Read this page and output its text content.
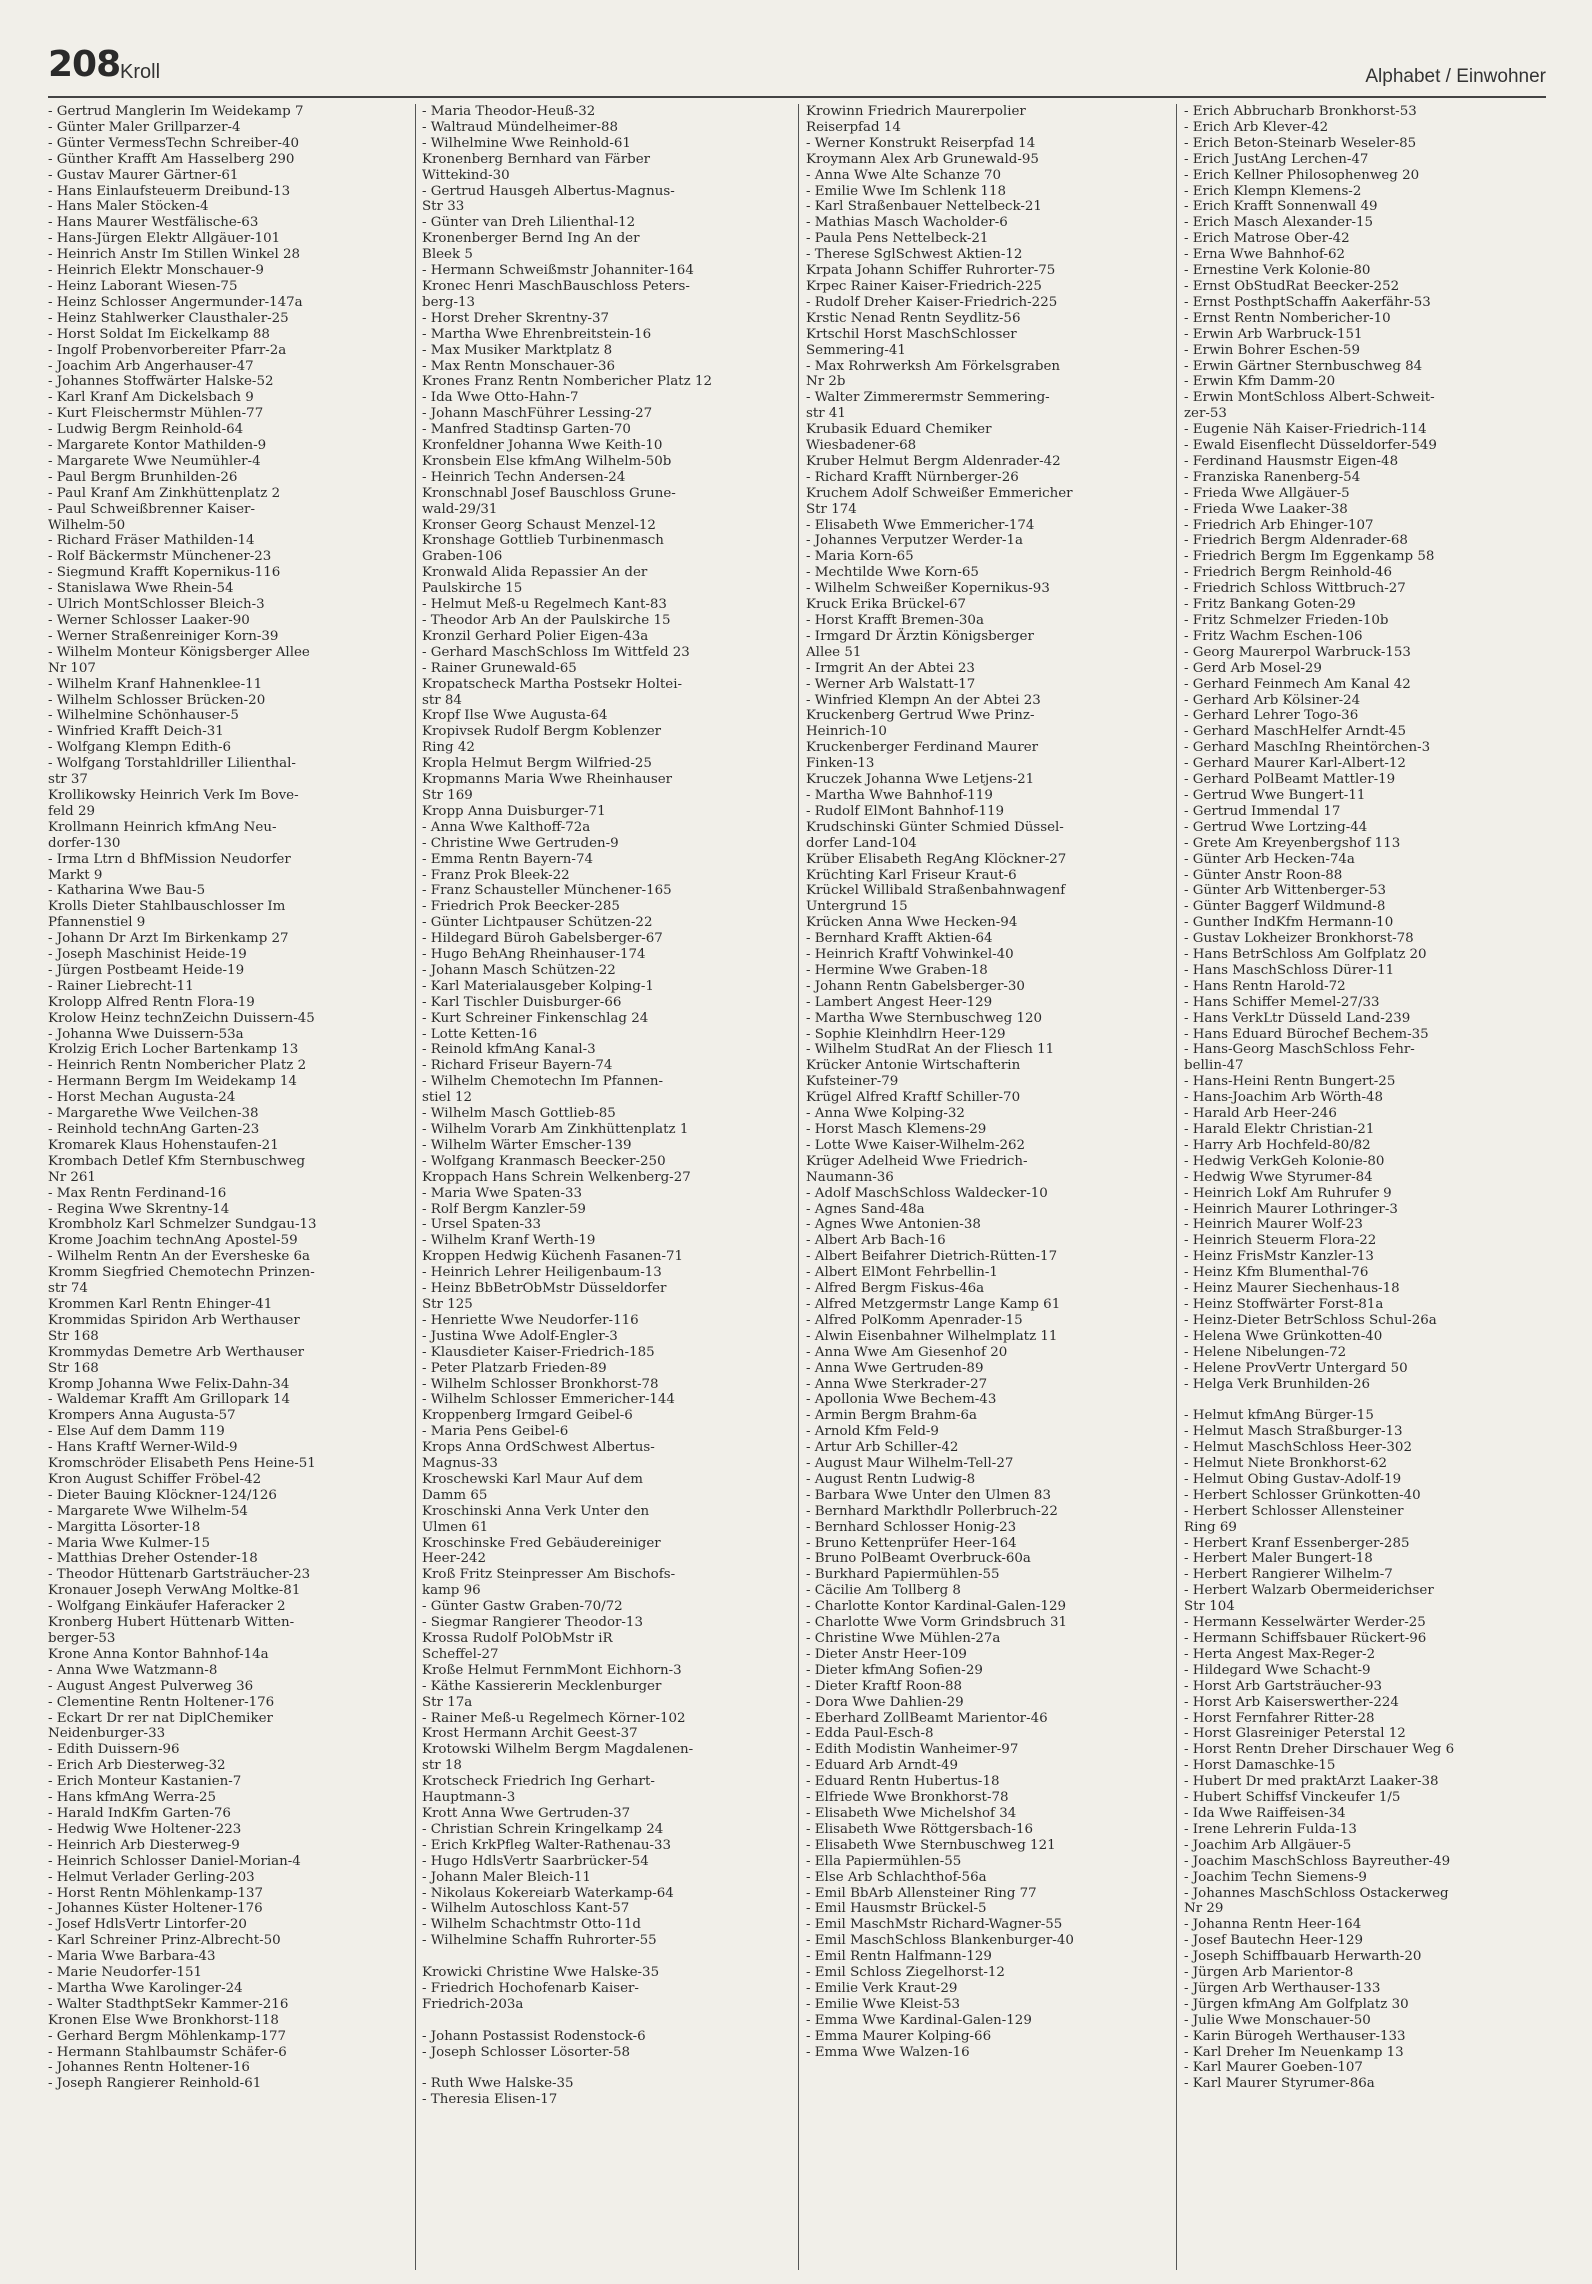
208 Kroll	Alphabet / Einwohner
- Gertrud Manglerin Im Weidekamp 7
- Günter Maler Grillparzer-4
- Günter VermessTechn Schreiber-40
- Günther Krafft Am Hasselberg 290
- Gustav Maurer Gärtner-61
- Hans Einlaufsteuerm Dreibund-13
- Hans Maler Stöcken-4
- Hans Maurer Westfälische-63
- Hans-Jürgen Elektr Allgäuer-101
- Heinrich Anstr Im Stillen Winkel 28
- Heinrich Elektr Monschauer-9
- Heinz Laborant Wiesen-75
- Heinz Schlosser Angermunder-147a
- Heinz Stahlwerker Clausthaler-25
- Horst Soldat Im Eickelkamp 88
- Ingolf Probenvorbereiter Pfarr-2a
- Joachim Arb Angerhauser-47
- Johannes Stoffwärter Halske-52
- Karl Kranf Am Dickelsbach 9
- Kurt Fleischermstr Mühlen-77
- Ludwig Bergm Reinhold-64
- Margarete Kontor Mathilden-9
- Margarete Wwe Neumühler-4
- Paul Bergm Brunhilden-26
- Paul Kranf Am Zinkhüttenplatz 2
- Paul Schweißbrenner Kaiser-
Wilhelm-50
- Richard Fräser Mathilden-14
- Rolf Bäckermstr Münchener-23
- Siegmund Krafft Kopernikus-116
- Stanislawa Wwe Rhein-54
- Ulrich MontSchlosser Bleich-3
- Werner Schlosser Laaker-90
- Werner Straßenreiniger Korn-39
- Wilhelm Monteur Königsberger Allee
Nr 107
- Wilhelm Kranf Hahnenklee-11
- Wilhelm Schlosser Brücken-20
- Wilhelmine Schönhauser-5
- Winfried Krafft Deich-31
- Wolfgang Klempn Edith-6
- Wolfgang Torstahldriller Lilienthal-
str 37
Krollikowsky Heinrich Verk Im Bove-
feld 29
Krollmann Heinrich kfmAng Neu-
dorfer-130
- Irma Ltrn d BhfMission Neudorfer
Markt 9
- Katharina Wwe Bau-5
Krolls Dieter Stahlbauschlosser Im
Pfannenstiel 9
- Johann Dr Arzt Im Birkenkamp 27
- Joseph Maschinist Heide-19
- Jürgen Postbeamt Heide-19
- Rainer Liebrecht-11
Krolopp Alfred Rentn Flora-19
Krolow Heinz technZeichn Duissern-45
- Johanna Wwe Duissern-53a
Krolzig Erich Locher Bartenkamp 13
- Heinrich Rentn Nombericher Platz 2
- Hermann Bergm Im Weidekamp 14
- Horst Mechan Augusta-24
- Margarethe Wwe Veilchen-38
- Reinhold technAng Garten-23
Kromarek Klaus Hohenstaufen-21
Krombach Detlef Kfm Sternbuschweg
Nr 261
- Max Rentn Ferdinand-16
- Regina Wwe Skrentny-14
Krombholz Karl Schmelzer Sundgau-13
Krome Joachim technAng Apostel-59
- Wilhelm Rentn An der Eversheske 6a
Kromm Siegfried Chemotechn Prinzen-
str 74
Krommen Karl Rentn Ehinger-41
Krommidas Spiridon Arb Werthauser
Str 168
Krommydas Demetre Arb Werthauser
Str 168
Kromp Johanna Wwe Felix-Dahn-34
- Waldemar Krafft Am Grillopark 14
Krompers Anna Augusta-57
- Else Auf dem Damm 119
- Hans Kraftf Werner-Wild-9
Kromschröder Elisabeth Pens Heine-51
Kron August Schiffer Fröbel-42
- Dieter Bauing Klöckner-124/126
- Margarete Wwe Wilhelm-54
- Margitta Lösorter-18
- Maria Wwe Kulmer-15
- Matthias Dreher Ostender-18
- Theodor Hüttenarb Gartsträucher-23
Kronauer Joseph VerwAng Moltke-81
- Wolfgang Einkäufer Haferacker 2
Kronberg Hubert Hüttenarb Witten-
berger-53
Krone Anna Kontor Bahnhof-14a
- Anna Wwe Watzmann-8
- August Angest Pulverweg 36
- Clementine Rentn Holtener-176
- Eckart Dr rer nat DiplChemiker
Neidenburger-33
- Edith Duissern-96
- Erich Arb Diesterweg-32
- Erich Monteur Kastanien-7
- Hans kfmAng Werra-25
- Harald IndKfm Garten-76
- Hedwig Wwe Holtener-223
- Heinrich Arb Diesterweg-9
- Heinrich Schlosser Daniel-Morian-4
- Helmut Verlader Gerling-203
- Horst Rentn Möhlenkamp-137
- Johannes Küster Holtener-176
- Josef HdlsVertr Lintorfer-20
- Karl Schreiner Prinz-Albrecht-50
- Maria Wwe Barbara-43
- Marie Neudorfer-151
- Martha Wwe Karolinger-24
- Walter StadthptSekr Kammer-216
Kronen Else Wwe Bronkhorst-118
- Gerhard Bergm Möhlenkamp-177
- Hermann Stahlbaumstr Schäfer-6
- Johannes Rentn Holtener-16
- Joseph Rangierer Reinhold-61
- Maria Theodor-Heuß-32
- Waltraud Mündelheimer-88
- Wilhelmine Wwe Reinhold-61
Kronenberg Bernhard van Färber
Wittekind-30
- Gertrud Hausgeh Albertus-Magnus-
Str 33
- Günter van Dreh Lilienthal-12
Kronenberger Bernd Ing An der
Bleek 5
- Hermann Schweißmstr Johanniter-164
Kronec Henri MaschBauschloss Peters-
berg-13
- Horst Dreher Skrentny-37
- Martha Wwe Ehrenbreitstein-16
- Max Musiker Marktplatz 8
- Max Rentn Monschauer-36
Krones Franz Rentn Nombericher Platz 12
- Ida Wwe Otto-Hahn-7
- Johann MaschFührer Lessing-27
- Manfred Stadtinsp Garten-70
Kronfeldner Johanna Wwe Keith-10
Kronsbein Else kfmAng Wilhelm-50b
- Heinrich Techn Andersen-24
Kronschnabl Josef Bauschloss Grune-
wald-29/31
Kronser Georg Schaust Menzel-12
Kronshage Gottlieb Turbinenmasch
Graben-106
Kronwald Alida Repassier An der
Paulskirche 15
- Helmut Meß-u Regelmech Kant-83
- Theodor Arb An der Paulskirche 15
Kronzil Gerhard Polier Eigen-43a
- Gerhard MaschSchloss Im Wittfeld 23
- Rainer Grunewald-65
Kropatscheck Martha Postsekr Holtei-
str 84
Kropf Ilse Wwe Augusta-64
Kropivsek Rudolf Bergm Koblenzer
Ring 42
Kropla Helmut Bergm Wilfried-25
Kropmanns Maria Wwe Rheinhauser
Str 169
Kropp Anna Duisburger-71
- Anna Wwe Kalthoff-72a
- Christine Wwe Gertruden-9
- Emma Rentn Bayern-74
- Franz Prok Bleek-22
- Franz Schausteller Münchener-165
- Friedrich Prok Beecker-285
- Günter Lichtpauser Schützen-22
- Hildegard Büroh Gabelsberger-67
- Hugo BehAng Rheinhauser-174
- Johann Masch Schützen-22
- Karl Materialausgeber Kolping-1
- Karl Tischler Duisburger-66
- Kurt Schreiner Finkenschlag 24
- Lotte Ketten-16
- Reinold kfmAng Kanal-3
- Richard Friseur Bayern-74
- Wilhelm Chemotechn Im Pfannen-
stiel 12
- Wilhelm Masch Gottlieb-85
- Wilhelm Vorarb Am Zinkhüttenplatz 1
- Wilhelm Wärter Emscher-139
- Wolfgang Kranmasch Beecker-250
Kroppach Hans Schrein Welkenberg-27
- Maria Wwe Spaten-33
- Rolf Bergm Kanzler-59
- Ursel Spaten-33
- Wilhelm Kranf Werth-19
Kroppen Hedwig Küchenh Fasanen-71
- Heinrich Lehrer Heiligenbaum-13
- Heinz BbBetrObMstr Düsseldorfer
Str 125
- Henriette Wwe Neudorfer-116
- Justina Wwe Adolf-Engler-3
- Klausdieter Kaiser-Friedrich-185
- Peter Platzarb Frieden-89
- Wilhelm Schlosser Bronkhorst-78
- Wilhelm Schlosser Emmericher-144
Kroppenberg Irmgard Geibel-6
- Maria Pens Geibel-6
Krops Anna OrdSchwest Albertus-
Magnus-33
Kroschewski Karl Maur Auf dem
Damm 65
Kroschinski Anna Verk Unter den
Ulmen 61
Kroschinske Fred Gebäudereiniger
Heer-242
Kroß Fritz Steinpresser Am Bischofs-
kamp 96
- Günter Gastw Graben-70/72
- Siegmar Rangierer Theodor-13
Krossa Rudolf PolObMstr iR
Scheffel-27
Kroße Helmut FernmMont Eichhorn-3
- Käthe Kassiererin Mecklenburger
Str 17a
- Rainer Meß-u Regelmech Körner-102
Krost Hermann Archit Geest-37
Krotowski Wilhelm Bergm Magdalenen-
str 18
Krotscheck Friedrich Ing Gerhart-
Hauptmann-3
Krott Anna Wwe Gertruden-37
- Christian Schrein Kringelkamp 24
- Erich KrkPfleg Walter-Rathenau-33
- Hugo HdlsVertr Saarbrücker-54
- Johann Maler Bleich-11
- Nikolaus Kokereiarb Waterkamp-64
- Wilhelm Autoschloss Kant-57
- Wilhelm Schachtmstr Otto-11d
- Wilhelmine Schaffn Ruhrorter-55

Krowicki Christine Wwe Halske-35
- Friedrich Hochofenarb Kaiser-
Friedrich-203a

- Johann Postassist Rodenstock-6
- Joseph Schlosser Lösorter-58

- Ruth Wwe Halske-35
- Theresia Elisen-17
Krowinn Friedrich Maurerpolier
Reiserpfad 14
- Werner Konstrukt Reiserpfad 14
Kroymann Alex Arb Grunewald-95
- Anna Wwe Alte Schanze 70
- Emilie Wwe Im Schlenk 118
- Karl Straßenbauer Nettelbeck-21
- Mathias Masch Wacholder-6
- Paula Pens Nettelbeck-21
- Therese SglSchwest Aktien-12
Krpata Johann Schiffer Ruhrorter-75
Krpec Rainer Kaiser-Friedrich-225
- Rudolf Dreher Kaiser-Friedrich-225
Krstic Nenad Rentn Seydlitz-56
Krtschil Horst MaschSchlosser
Semmering-41
- Max Rohrwerksh Am Förkelsgraben
Nr 2b
- Walter Zimmerermstr Semmering-
str 41
Krubasik Eduard Chemiker
Wiesbadener-68
Kruber Helmut Bergm Aldenrader-42
- Richard Krafft Nürnberger-26
Kruchem Adolf Schweißer Emmericher
Str 174
- Elisabeth Wwe Emmericher-174
- Johannes Verputzer Werder-1a
- Maria Korn-65
- Mechtilde Wwe Korn-65
- Wilhelm Schweißer Kopernikus-93
Kruck Erika Brückel-67
- Horst Krafft Bremen-30a
- Irmgard Dr Ärztin Königsberger
Allee 51
- Irmgrit An der Abtei 23
- Werner Arb Walstatt-17
- Winfried Klempn An der Abtei 23
Kruckenberg Gertrud Wwe Prinz-
Heinrich-10
Kruckenberger Ferdinand Maurer
Finken-13
Kruczek Johanna Wwe Letjens-21
- Martha Wwe Bahnhof-119
- Rudolf ElMont Bahnhof-119
Krudschinski Günter Schmied Düssel-
dorfer Land-104
Krüber Elisabeth RegAng Klöckner-27
Krüchting Karl Friseur Kraut-6
Krückel Willibald Straßenbahnwagenf
Untergrund 15
Krücken Anna Wwe Hecken-94
- Bernhard Krafft Aktien-64
- Heinrich Kraftf Vohwinkel-40
- Hermine Wwe Graben-18
- Johann Rentn Gabelsberger-30
- Lambert Angest Heer-129
- Martha Wwe Sternbuschweg 120
- Sophie Kleinhdlrn Heer-129
- Wilhelm StudRat An der Fliesch 11
Krücker Antonie Wirtschafterin
Kufsteiner-79
Krügel Alfred Kraftf Schiller-70
- Anna Wwe Kolping-32
- Horst Masch Klemens-29
- Lotte Wwe Kaiser-Wilhelm-262
Krüger Adelheid Wwe Friedrich-
Naumann-36
- Adolf MaschSchloss Waldecker-10
- Agnes Sand-48a
- Agnes Wwe Antonien-38
- Albert Arb Bach-16
- Albert Beifahrer Dietrich-Rütten-17
- Albert ElMont Fehrbellin-1
- Alfred Bergm Fiskus-46a
- Alfred Metzgermstr Lange Kamp 61
- Alfred PolKomm Apenrader-15
- Alwin Eisenbahner Wilhelmplatz 11
- Anna Wwe Am Giesenhof 20
- Anna Wwe Gertruden-89
- Anna Wwe Sterkrader-27
- Apollonia Wwe Bechem-43
- Armin Bergm Brahm-6a
- Arnold Kfm Feld-9
- Artur Arb Schiller-42
- August Maur Wilhelm-Tell-27
- August Rentn Ludwig-8
- Barbara Wwe Unter den Ulmen 83
- Bernhard Markthdlr Pollerbruch-22
- Bernhard Schlosser Honig-23
- Bruno Kettenprüfer Heer-164
- Bruno PolBeamt Overbruck-60a
- Burkhard Papiermühlen-55
- Cäcilie Am Tollberg 8
- Charlotte Kontor Kardinal-Galen-129
- Charlotte Wwe Vorm Grindsbruch 31
- Christine Wwe Mühlen-27a
- Dieter Anstr Heer-109
- Dieter kfmAng Sofien-29
- Dieter Kraftf Roon-88
- Dora Wwe Dahlien-29
- Eberhard ZollBeamt Marientor-46
- Edda Paul-Esch-8
- Edith Modistin Wanheimer-97
- Eduard Arb Arndt-49
- Eduard Rentn Hubertus-18
- Elfriede Wwe Bronkhorst-78
- Elisabeth Wwe Michelshof 34
- Elisabeth Wwe Röttgersbach-16
- Elisabeth Wwe Sternbuschweg 121
- Ella Papiermühlen-55
- Else Arb Schlachthof-56a
- Emil BbArb Allensteiner Ring 77
- Emil Hausmstr Brückel-5
- Emil MaschMstr Richard-Wagner-55
- Emil MaschSchloss Blankenburger-40
- Emil Rentn Halfmann-129
- Emil Schloss Ziegelhorst-12
- Emilie Verk Kraut-29
- Emilie Wwe Kleist-53
- Emma Wwe Kardinal-Galen-129
- Emma Maurer Kolping-66
- Emma Wwe Walzen-16
- Erich Abbrucharb Bronkhorst-53
- Erich Arb Klever-42
- Erich Beton-Steinarb Weseler-85
- Erich JustAng Lerchen-47
- Erich Kellner Philosophenweg 20
- Erich Klempn Klemens-2
- Erich Krafft Sonnenwall 49
- Erich Masch Alexander-15
- Erich Matrose Ober-42
- Erna Wwe Bahnhof-62
- Ernestine Verk Kolonie-80
- Ernst ObStudRat Beecker-252
- Ernst PosthptSchaffn Aakerfähr-53
- Ernst Rentn Nombericher-10
- Erwin Arb Warbruck-151
- Erwin Bohrer Eschen-59
- Erwin Gärtner Sternbuschweg 84
- Erwin Kfm Damm-20
- Erwin MontSchloss Albert-Schweit-
zer-53
- Eugenie Näh Kaiser-Friedrich-114
- Ewald Eisenflecht Düsseldorfer-549
- Ferdinand Hausmstr Eigen-48
- Franziska Ranenberg-54
- Frieda Wwe Allgäuer-5
- Frieda Wwe Laaker-38
- Friedrich Arb Ehinger-107
- Friedrich Bergm Aldenrader-68
- Friedrich Bergm Im Eggenkamp 58
- Friedrich Bergm Reinhold-46
- Friedrich Schloss Wittbruch-27
- Fritz Bankang Goten-29
- Fritz Schmelzer Frieden-10b
- Fritz Wachm Eschen-106
- Georg Maurerpol Warbruck-153
- Gerd Arb Mosel-29
- Gerhard Feinmech Am Kanal 42
- Gerhard Arb Kölsiner-24
- Gerhard Lehrer Togo-36
- Gerhard MaschHelfer Arndt-45
- Gerhard MaschIng Rheintörchen-3
- Gerhard Maurer Karl-Albert-12
- Gerhard PolBeamt Mattler-19
- Gertrud Wwe Bungert-11
- Gertrud Immendal 17
- Gertrud Wwe Lortzing-44
- Grete Am Kreyenbergshof 113
- Günter Arb Hecken-74a
- Günter Anstr Roon-88
- Günter Arb Wittenberger-53
- Günter Baggerf Wildmund-8
- Gunther IndKfm Hermann-10
- Gustav Lokheizer Bronkhorst-78
- Hans BetrSchloss Am Golfplatz 20
- Hans MaschSchloss Dürer-11
- Hans Rentn Harold-72
- Hans Schiffer Memel-27/33
- Hans VerkLtr Düsseld Land-239
- Hans Eduard Bürochef Bechem-35
- Hans-Georg MaschSchloss Fehr-
bellin-47
- Hans-Heini Rentn Bungert-25
- Hans-Joachim Arb Wörth-48
- Harald Arb Heer-246
- Harald Elektr Christian-21
- Harry Arb Hochfeld-80/82
- Hedwig VerkGeh Kolonie-80
- Hedwig Wwe Styrumer-84
- Heinrich Lokf Am Ruhrufer 9
- Heinrich Maurer Lothringer-3
- Heinrich Maurer Wolf-23
- Heinrich Steuerm Flora-22
- Heinz FrisMstr Kanzler-13
- Heinz Kfm Blumenthal-76
- Heinz Maurer Siechenhaus-18
- Heinz Stoffwärter Forst-81a
- Heinz-Dieter BetrSchloss Schul-26a
- Helena Wwe Grünkotten-40
- Helene Nibelungen-72
- Helene ProvVertr Untergard 50
- Helga Verk Brunhilden-26

- Helmut kfmAng Bürger-15
- Helmut Masch Straßburger-13
- Helmut MaschSchloss Heer-302
- Helmut Niete Bronkhorst-62
- Helmut Obing Gustav-Adolf-19
- Herbert Schlosser Grünkotten-40
- Herbert Schlosser Allensteiner
Ring 69
- Herbert Kranf Essenberger-285
- Herbert Maler Bungert-18
- Herbert Rangierer Wilhelm-7
- Herbert Walzarb Obermeiderichser
Str 104
- Hermann Kesselwärter Werder-25
- Hermann Schiffsbauer Rückert-96
- Herta Angest Max-Reger-2
- Hildegard Wwe Schacht-9
- Horst Arb Gartsträucher-93
- Horst Arb Kaiserswerther-224
- Horst Fernfahrer Ritter-28
- Horst Glasreiniger Peterstal 12
- Horst Rentn Dreher Dirschauer Weg 6
- Horst Damaschke-15
- Hubert Dr med praktArzt Laaker-38
- Hubert Schiffsf Vinckeufer 1/5
- Ida Wwe Raiffeisen-34
- Irene Lehrerin Fulda-13
- Joachim Arb Allgäuer-5
- Joachim MaschSchloss Bayreuther-49
- Joachim Techn Siemens-9
- Johannes MaschSchloss Ostackerweg
Nr 29
- Johanna Rentn Heer-164
- Josef Bautechn Heer-129
- Joseph Schiffbauarb Herwarth-20
- Jürgen Arb Marientor-8
- Jürgen Arb Werthauser-133
- Jürgen kfmAng Am Golfplatz 30
- Julie Wwe Monschauer-50
- Karin Bürogeh Werthauser-133
- Karl Dreher Im Neuenkamp 13
- Karl Maurer Goeben-107
- Karl Maurer Styrumer-86a
